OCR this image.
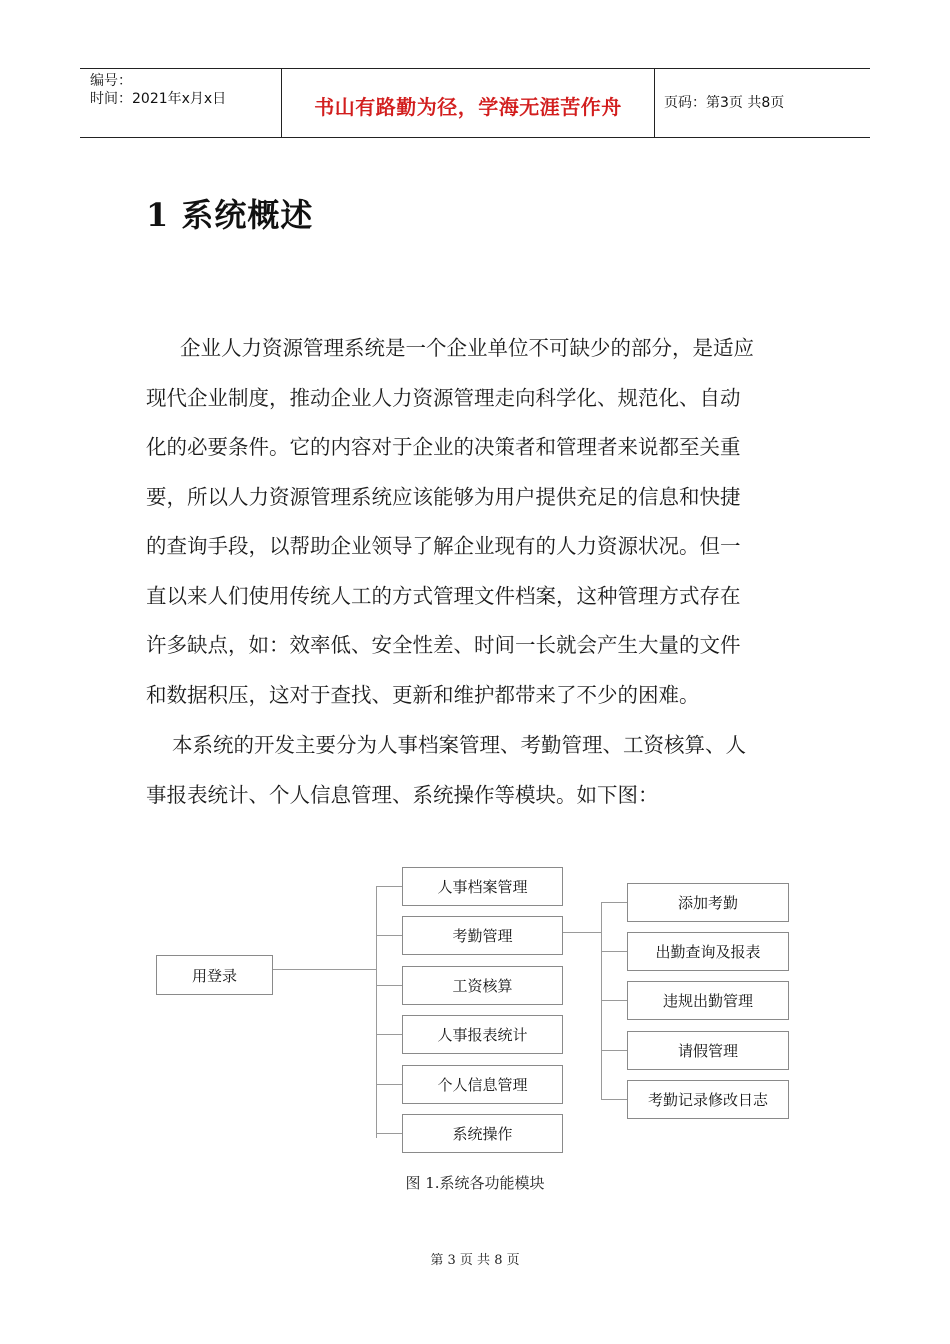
编号：
时间：2021年x月x日	书山有路勤为径，学海无涯苦作舟	页码：第3页 共8页
1 系统概述
企业人力资源管理系统是一个企业单位不可缺少的部分，是适应
现代企业制度，推动企业人力资源管理走向科学化、规范化、自动
化的必要条件。它的内容对于企业的决策者和管理者来说都至关重
要，所以人力资源管理系统应该能够为用户提供充足的信息和快捷
的查询手段，以帮助企业领导了解企业现有的人力资源状况。但一
直以来人们使用传统人工的方式管理文件档案，这种管理方式存在
许多缺点，如：效率低、安全性差、时间一长就会产生大量的文件
和数据积压，这对于查找、更新和维护都带来了不少的困难。
本系统的开发主要分为人事档案管理、考勤管理、工资核算、人
事报表统计、个人信息管理、系统操作等模块。如下图：
用登录
人事档案管理
考勤管理
工资核算
人事报表统计
个人信息管理
系统操作
添加考勤
出勤查询及报表
违规出勤管理
请假管理
考勤记录修改日志
图 1.系统各功能模块
第 3 页 共 8 页
